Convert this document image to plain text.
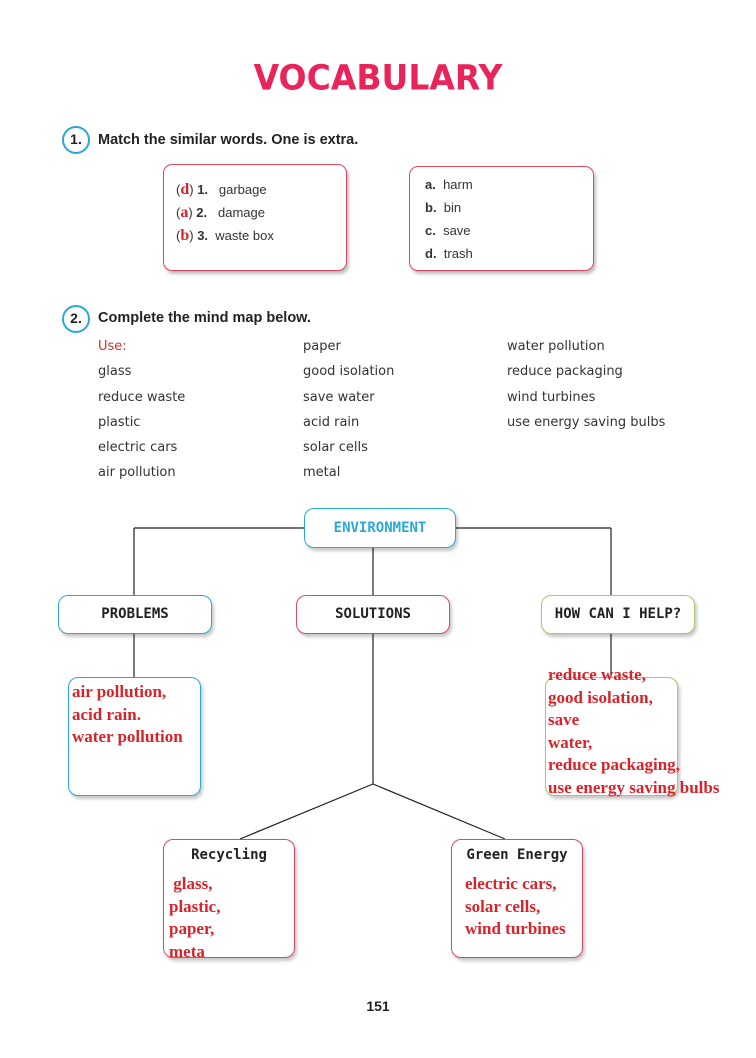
VOCABULARY
1.	Match the similar words. One is extra.
(d) 1. garbage
(a) 2. damage
(b) 3. waste box
a. harm
b. bin
c. save
d. trash
2.	Complete the mind map below.
Use:
glass
reduce waste
plastic
electric cars
air pollution
paper
good isolation
save water
acid rain
solar cells
metal
water pollution
reduce packaging
wind turbines
use energy saving bulbs
ENVIRONMENT
PROBLEMS	SOLUTIONS	HOW CAN I HELP?
Recycling	Green Energy
air pollution,
acid rain.
water pollution
reduce waste,
good isolation,
save
water,
reduce packaging,
use energy saving bulbs
glass,
plastic,
paper,
meta
electric cars,
solar cells,
wind turbines
151
